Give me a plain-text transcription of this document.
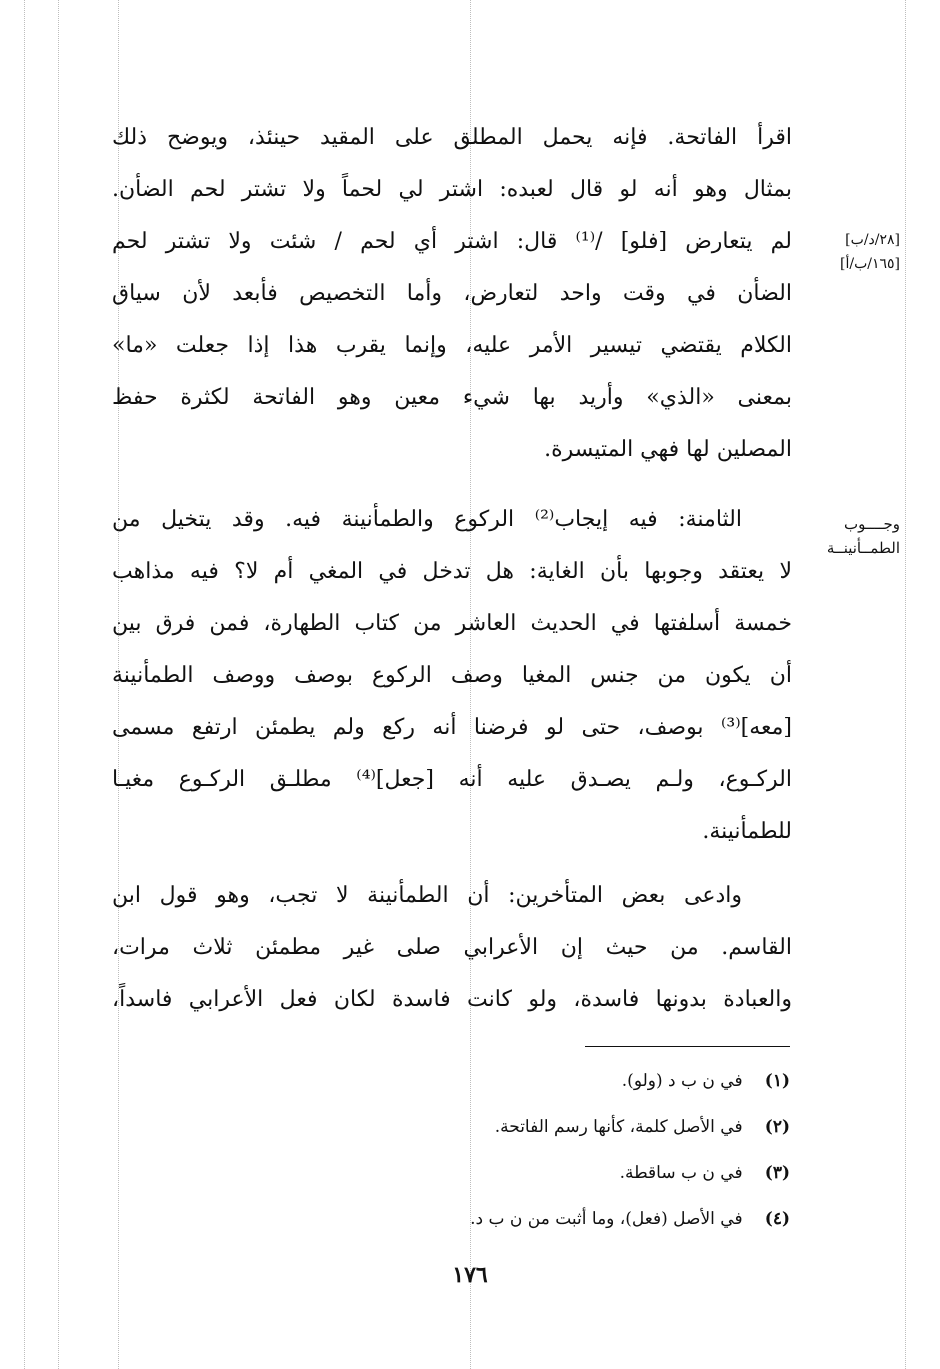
اقرأ الفاتحة. فإنه يحمل المطلق على المقيد حينئذ، ويوضح ذلك
بمثال وهو أنه لو قال لعبده: اشتر لي لحماً ولا تشتر لحم الضأن.
لم يتعارض [فلو] /⁽¹⁾ قال: اشتر أي لحم / شئت ولا تشتر لحم
الضأن في وقت واحد لتعارض، وأما التخصيص فأبعد لأن سياق
الكلام يقتضي تيسير الأمر عليه، وإنما يقرب هذا إذا جعلت «ما»
بمعنى «الذي» وأريد بها شيء معين وهو الفاتحة لكثرة حفظ
المصلين لها فهي المتيسرة.
الثامنة: فيه إيجاب⁽²⁾ الركوع والطمأنينة فيه. وقد يتخيل من
لا يعتقد وجوبها بأن الغاية: هل تدخل في المغي أم لا؟ فيه مذاهب
خمسة أسلفتها في الحديث العاشر من كتاب الطهارة، فمن فرق بين
أن يكون من جنس المغيا وصف الركوع بوصف ووصف الطمأنينة
[معه]⁽³⁾ بوصف، حتى لو فرضنا أنه ركع ولم يطمئن ارتفع مسمى
الركـوع، ولـم يصـدق عليه أنه [جعل]⁽⁴⁾ مطلـق الركـوع مغيـا
للطمأنينة.
وادعى بعض المتأخرين: أن الطمأنينة لا تجب، وهو قول ابن
القاسم. من حيث إن الأعرابي صلى غير مطمئن ثلاث مرات،
والعبادة بدونها فاسدة، ولو كانت فاسدة لكان فعل الأعرابي فاسداً،
[٢٨/د/ب]
[١٦٥/ب/أ]
وجــــوب
الطمــأنينــة
(١) في ن ب د (ولو).
(٢) في الأصل كلمة، كأنها رسم الفاتحة.
(٣) في ن ب ساقطة.
(٤) في الأصل (فعل)، وما أثبت من ن ب د.
١٧٦
